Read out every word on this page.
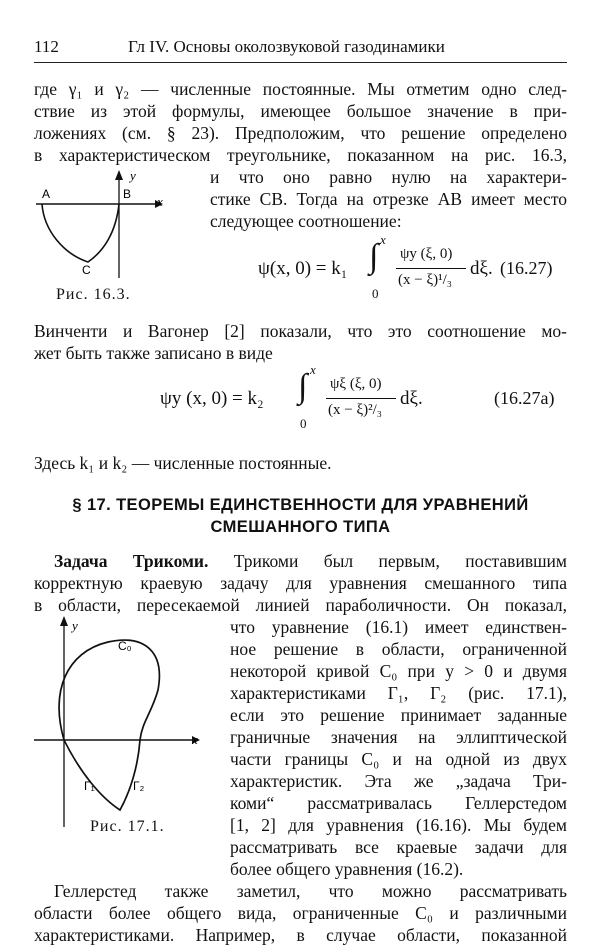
112	Гл IV. Основы околозвуковой газодинамики
где γ₁ и γ₂ — численные постоянные. Мы отметим одно след-
ствие из этой формулы, имеющее большое значение в при-
ложениях (см. § 23). Предположим, что решение определено
в характеристическом треугольнике, показанном на рис. 16.3,
и что оно равно нулю на характери-
стике CB. Тогда на отрезке AB имеет место
следующее соотношение:
y
x
A	B
C
Рис. 16.3.
ψ(x, 0) = k₁ ∫ x
0
ψy (ξ, 0)
(x − ξ)¹/₃
dξ. (16.27)
Винченти и Вагонер [2] показали, что это соотношение мо-
жет быть также записано в виде
ψy (x, 0) = k₂ ∫ x
0
ψξ (ξ, 0)
(x − ξ)²/₃
dξ.	(16.27a)
Здесь k₁ и k₂ — численные постоянные.
§ 17. ТЕОРЕМЫ ЕДИНСТВЕННОСТИ ДЛЯ УРАВНЕНИЙ
СМЕШАННОГО ТИПА
Задача Трикоми. Трикоми был первым, поставившим
корректную краевую задачу для уравнения смешанного типа
в области, пересекаемой линией параболичности. Он показал,
что уравнение (16.1) имеет единствен-
ное решение в области, ограниченной
некоторой кривой C₀ при y > 0 и двумя
характеристиками Γ₁, Γ₂ (рис. 17.1),
если это решение принимает заданные
граничные значения на эллиптической
части границы C₀ и на одной из двух
характеристик. Эта же „задача Три-
коми“ рассматривалась Геллерстедом
[1, 2] для уравнения (16.16). Мы будем
рассматривать все краевые задачи для
более общего уравнения (16.2).
y
x
C₀
Γ₁	Γ₂
Рис. 17.1.
Геллерстед также заметил, что можно рассматривать
области более общего вида, ограниченные C₀ и различными
характеристиками. Например, в случае области, показанной
